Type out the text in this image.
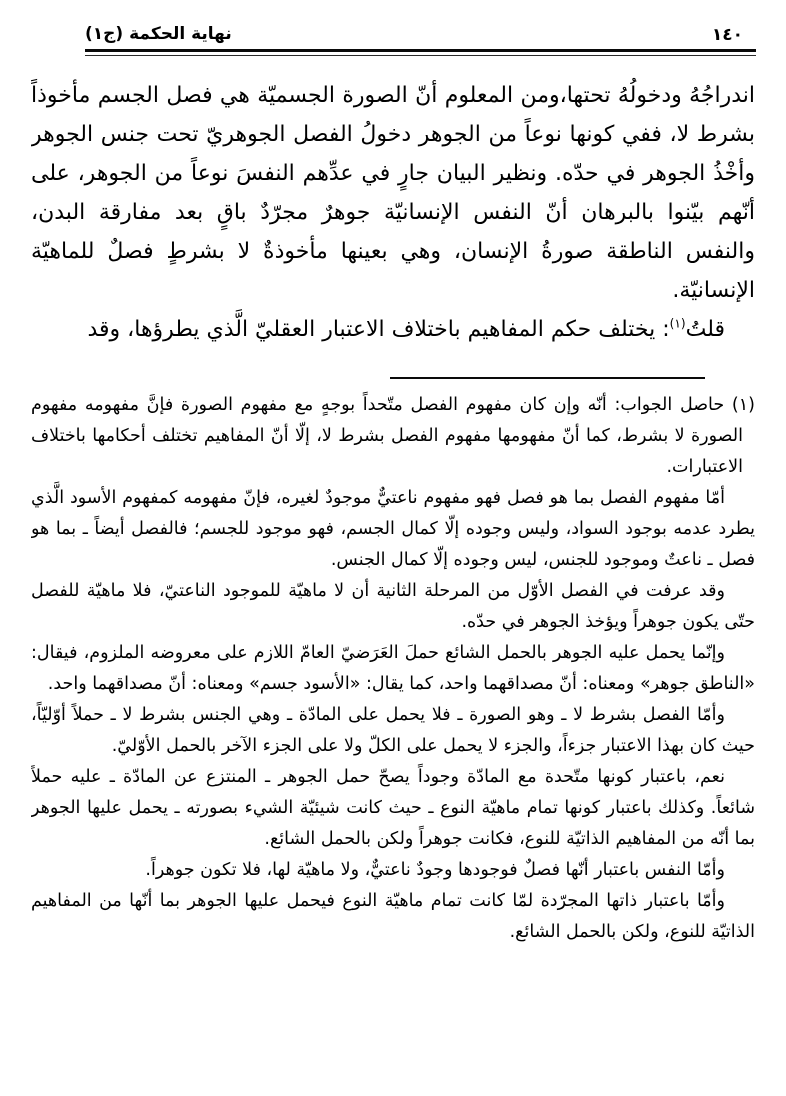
نهاية الحكمة (ج١)	١٤٠

اندراجُهُ ودخولُهُ تحتها،ومن المعلوم أنّ الصورة الجسميّة هي فصل الجسم مأخوذاً بشرط لا، ففي كونها نوعاً من الجوهر دخولُ الفصل الجوهريّ تحت جنس الجوهر وأخْذُ الجوهر في حدّه. ونظير البيان جارٍ في عدِّهم النفسَ نوعاً من الجوهر، على أنّهم بيّنوا بالبرهان أنّ النفس الإنسانيّة جوهرٌ مجرّدٌ باقٍ بعد مفارقة البدن، والنفس الناطقة صورةُ الإنسان، وهي بعينها مأخوذةٌ لا بشرطٍ فصلٌ للماهيّة الإنسانيّة.

قلتُ$^{(١)}$: يختلف حكم المفاهيم باختلاف الاعتبار العقليّ الَّذي يطرؤها، وقد

(١) حاصل الجواب: أنّه وإن كان مفهوم الفصل متّحداً بوجهٍ مع مفهوم الصورة فإنَّ مفهومه مفهوم الصورة لا بشرط، كما أنّ مفهومها مفهوم الفصل بشرط لا، إلّا أنّ المفاهيم تختلف أحكامها باختلاف الاعتبارات.

أمّا مفهوم الفصل بما هو فصل فهو مفهوم ناعتيٌّ موجودٌ لغيره، فإنّ مفهومه كمفهوم الأسود الَّذي يطرد عدمه بوجود السواد، وليس وجوده إلّا كمال الجسم، فهو موجود للجسم؛ فالفصل أيضاً ـ بما هو فصل ـ ناعتٌ وموجود للجنس، ليس وجوده إلّا كمال الجنس.

وقد عرفت في الفصل الأوّل من المرحلة الثانية أن لا ماهيّة للموجود الناعتيّ، فلا ماهيّة للفصل حتّى يكون جوهراً ويؤخذ الجوهر في حدّه.

وإنّما يحمل عليه الجوهر بالحمل الشائع حملَ العَرَضيّ العامّ اللازم على معروضه الملزوم، فيقال: «الناطق جوهر» ومعناه: أنّ مصداقهما واحد، كما يقال: «الأسود جسم» ومعناه: أنّ مصداقهما واحد.

وأمّا الفصل بشرط لا ـ وهو الصورة ـ فلا يحمل على المادّة ـ وهي الجنس بشرط لا ـ حملاً أوّليّاً، حيث كان بهذا الاعتبار جزءاً، والجزء لا يحمل على الكلّ ولا على الجزء الآخر بالحمل الأوّليّ.

نعم، باعتبار كونها متّحدة مع المادّة وجوداً يصحّ حمل الجوهر ـ المنتزع عن المادّة ـ عليه حملاً شائعاً. وكذلك باعتبار كونها تمام ماهيّة النوع ـ حيث كانت شيئيّة الشيء بصورته ـ يحمل عليها الجوهر بما أنّه من المفاهيم الذاتيّة للنوع، فكانت جوهراً ولكن بالحمل الشائع.

وأمّا النفس باعتبار أنّها فصلٌ فوجودها وجودٌ ناعتيٌّ، ولا ماهيّة لها، فلا تكون جوهراً.

وأمّا باعتبار ذاتها المجرّدة لمّا كانت تمام ماهيّة النوع فيحمل عليها الجوهر بما أنّها من المفاهيم الذاتيّة للنوع، ولكن بالحمل الشائع.
